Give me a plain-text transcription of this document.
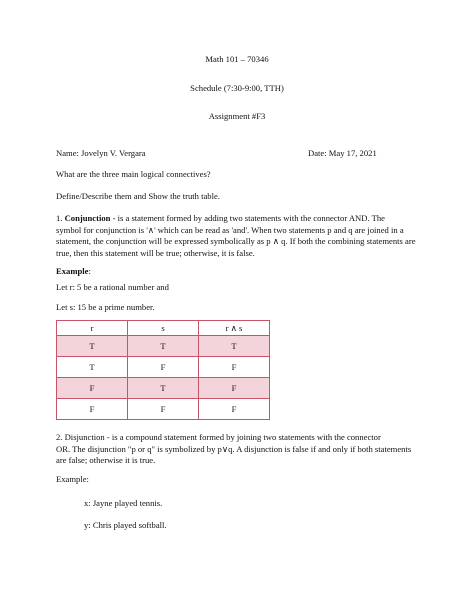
Math 101 – 70346
Schedule (7:30-9:00, TTH)
Assignment #F3
Name: Jovelyn V. Vergara	Date: May 17, 2021
What are the three main logical connectives?
Define/Describe them and Show the truth table.
1. Conjunction - is a statement formed by adding two statements with the connector AND. The
symbol for conjunction is '∧' which can be read as 'and'. When two statements p and q are joined in a statement, the conjunction will be expressed symbolically as p ∧ q. If both the combining statements are true, then this statement will be true; otherwise, it is false.
Example:
Let r: 5 be a rational number and
Let s: 15 be a prime number.
r	s	r ∧ s
T	T	T
T	F	F
F	T	F
F	F	F
2. Disjunction - is a compound statement formed by joining two statements with the connector
OR. The disjunction "p or q" is symbolized by p∨q. A disjunction is false if and only if both statements are false; otherwise it is true.
Example:
x: Jayne played tennis.
y: Chris played softball.
